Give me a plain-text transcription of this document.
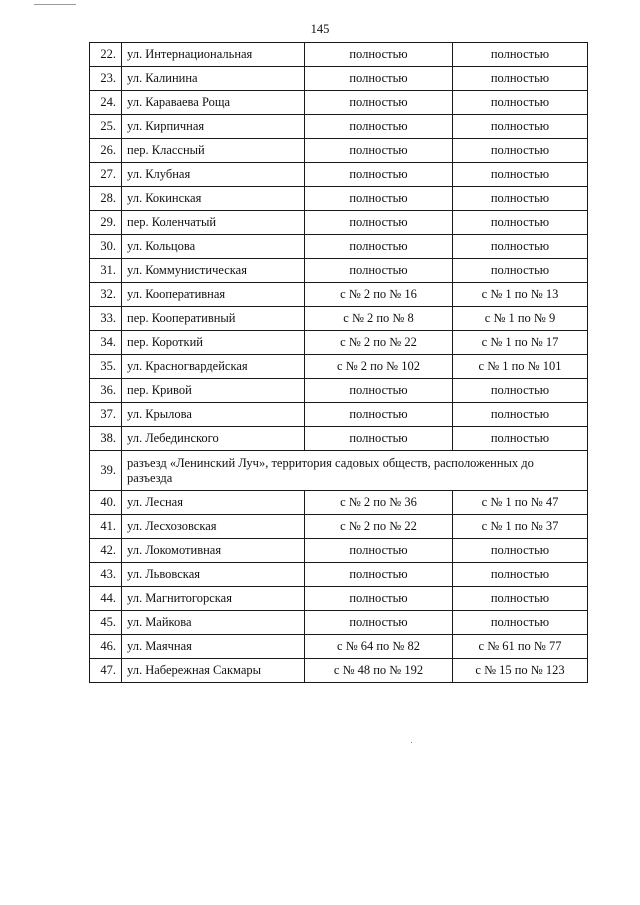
145
22.	ул. Интернациональная	полностью	полностью
23.	ул. Калинина	полностью	полностью
24.	ул. Караваева Роща	полностью	полностью
25.	ул. Кирпичная	полностью	полностью
26.	пер. Классный	полностью	полностью
27.	ул. Клубная	полностью	полностью
28.	ул. Кокинская	полностью	полностью
29.	пер. Коленчатый	полностью	полностью
30.	ул. Кольцова	полностью	полностью
31.	ул. Коммунистическая	полностью	полностью
32.	ул. Кооперативная	с № 2 по № 16	с № 1 по № 13
33.	пер. Кооперативный	с № 2 по № 8	с № 1 по № 9
34.	пер. Короткий	с № 2 по № 22	с № 1 по № 17
35.	ул. Красногвардейская	с № 2 по № 102	с № 1 по № 101
36.	пер. Кривой	полностью	полностью
37.	ул. Крылова	полностью	полностью
38.	ул. Лебединского	полностью	полностью
39.	разъезд «Ленинский Луч», территория садовых обществ, расположенных до разъезда		
40.	ул. Лесная	с № 2 по № 36	с № 1 по № 47
41.	ул. Лесхозовская	с № 2 по № 22	с № 1 по № 37
42.	ул. Локомотивная	полностью	полностью
43.	ул. Львовская	полностью	полностью
44.	ул. Магнитогорская	полностью	полностью
45.	ул. Майкова	полностью	полностью
46.	ул. Маячная	с № 64 по № 82	с № 61 по № 77
47.	ул. Набережная Сакмары	с № 48 по № 192	с № 15 по № 123
